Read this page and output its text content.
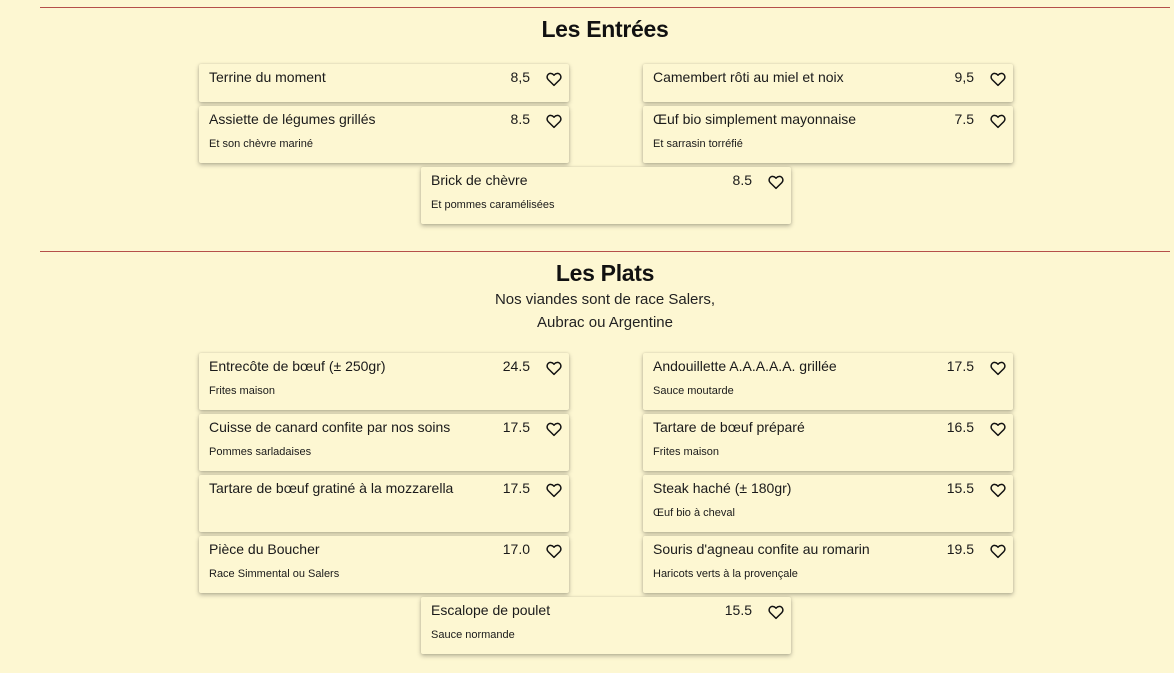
Les Entrées
Terrine du moment	8,5	Camembert rôti au miel et noix	9,5
Assiette de légumes grillés	8.5
Et son chèvre mariné
Œuf bio simplement mayonnaise	7.5
Et sarrasin torréfié
Brick de chèvre	8.5
Et pommes caramélisées
Les Plats
Nos viandes sont de race Salers,
Aubrac ou Argentine
Entrecôte de bœuf (± 250gr)	24.5
Frites maison
Andouillette A.A.A.A.A. grillée	17.5
Sauce moutarde
Cuisse de canard confite par nos soins	17.5
Pommes sarladaises
Tartare de bœuf préparé	16.5
Frites maison
Tartare de bœuf gratiné à la mozzarella	17.5	Steak haché (± 180gr)	15.5
Œuf bio à cheval
Pièce du Boucher	17.0
Race Simmental ou Salers
Souris d'agneau confite au romarin	19.5
Haricots verts à la provençale
Escalope de poulet	15.5
Sauce normande
